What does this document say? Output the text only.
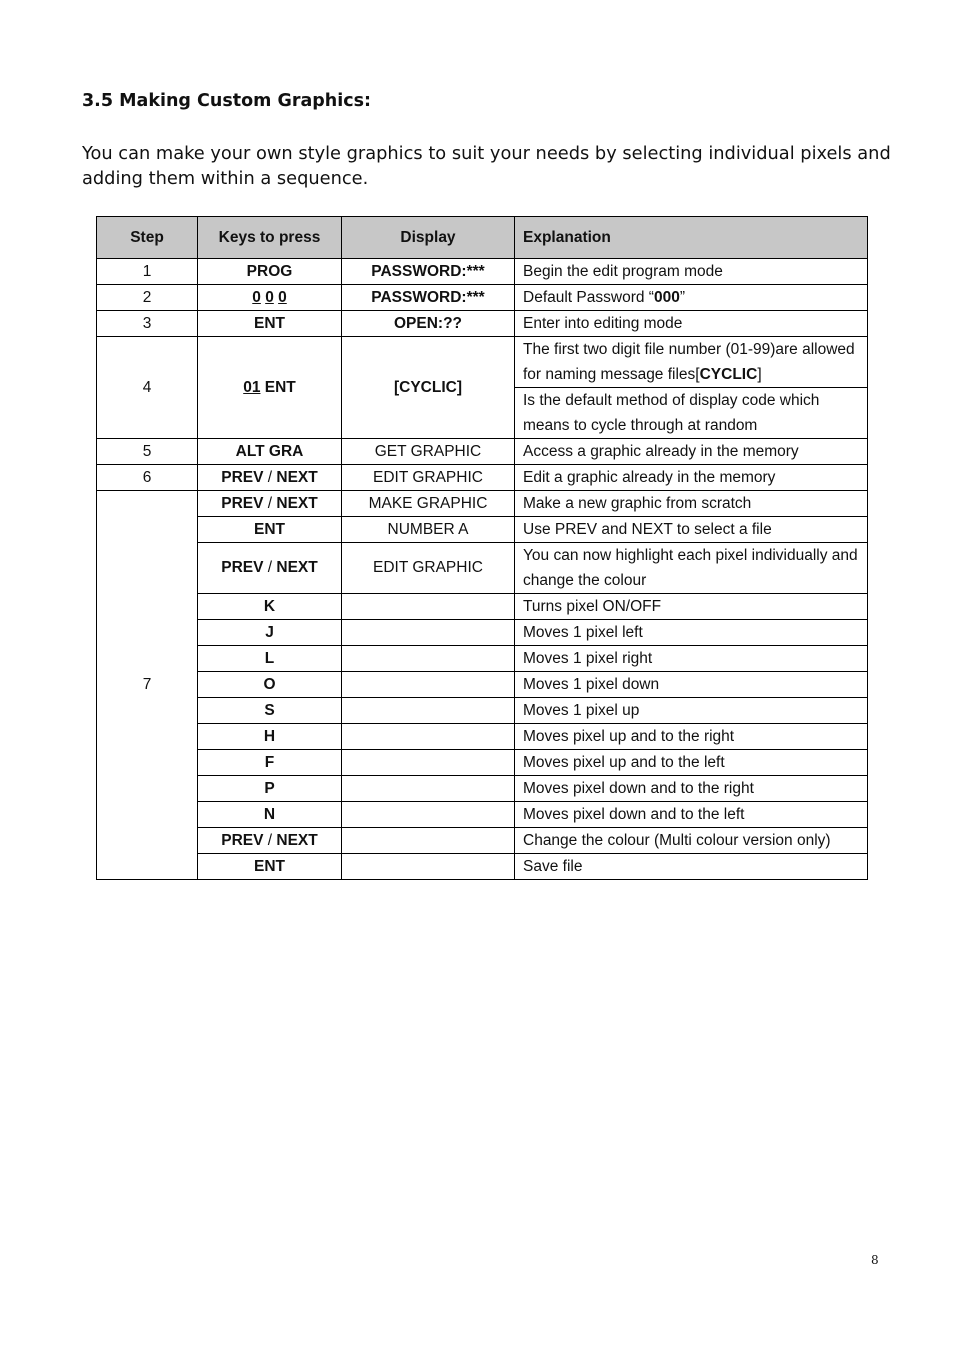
3.5 Making Custom Graphics:

You can make your own style graphics to suit your needs by selecting individual pixels and adding them within a sequence.

Step	Keys to press	Display	Explanation
1	PROG	PASSWORD:***	Begin the edit program mode
2	0 0 0	PASSWORD:***	Default Password “000”
3	ENT	OPEN:??	Enter into editing mode
4	01 ENT	[CYCLIC]	The first two digit file number (01-99)are allowed for naming message files[CYCLIC]
			Is the default method of display code which means to cycle through at random
5	ALT GRA	GET GRAPHIC	Access a graphic already in the memory
6	PREV / NEXT	EDIT GRAPHIC	Edit a graphic already in the memory
7	PREV / NEXT	MAKE GRAPHIC	Make a new graphic from scratch
	ENT	NUMBER A	Use PREV and NEXT to select a file
	PREV / NEXT	EDIT GRAPHIC	You can now highlight each pixel individually and change the colour
	K		Turns pixel ON/OFF
	J		Moves 1 pixel left
	L		Moves 1 pixel right
	O		Moves 1 pixel down
	S		Moves 1 pixel up
	H		Moves pixel up and to the right
	F		Moves pixel up and to the left
	P		Moves pixel down and to the right
	N		Moves pixel down and to the left
	PREV / NEXT		Change the colour (Multi colour version only)
	ENT		Save file
8
